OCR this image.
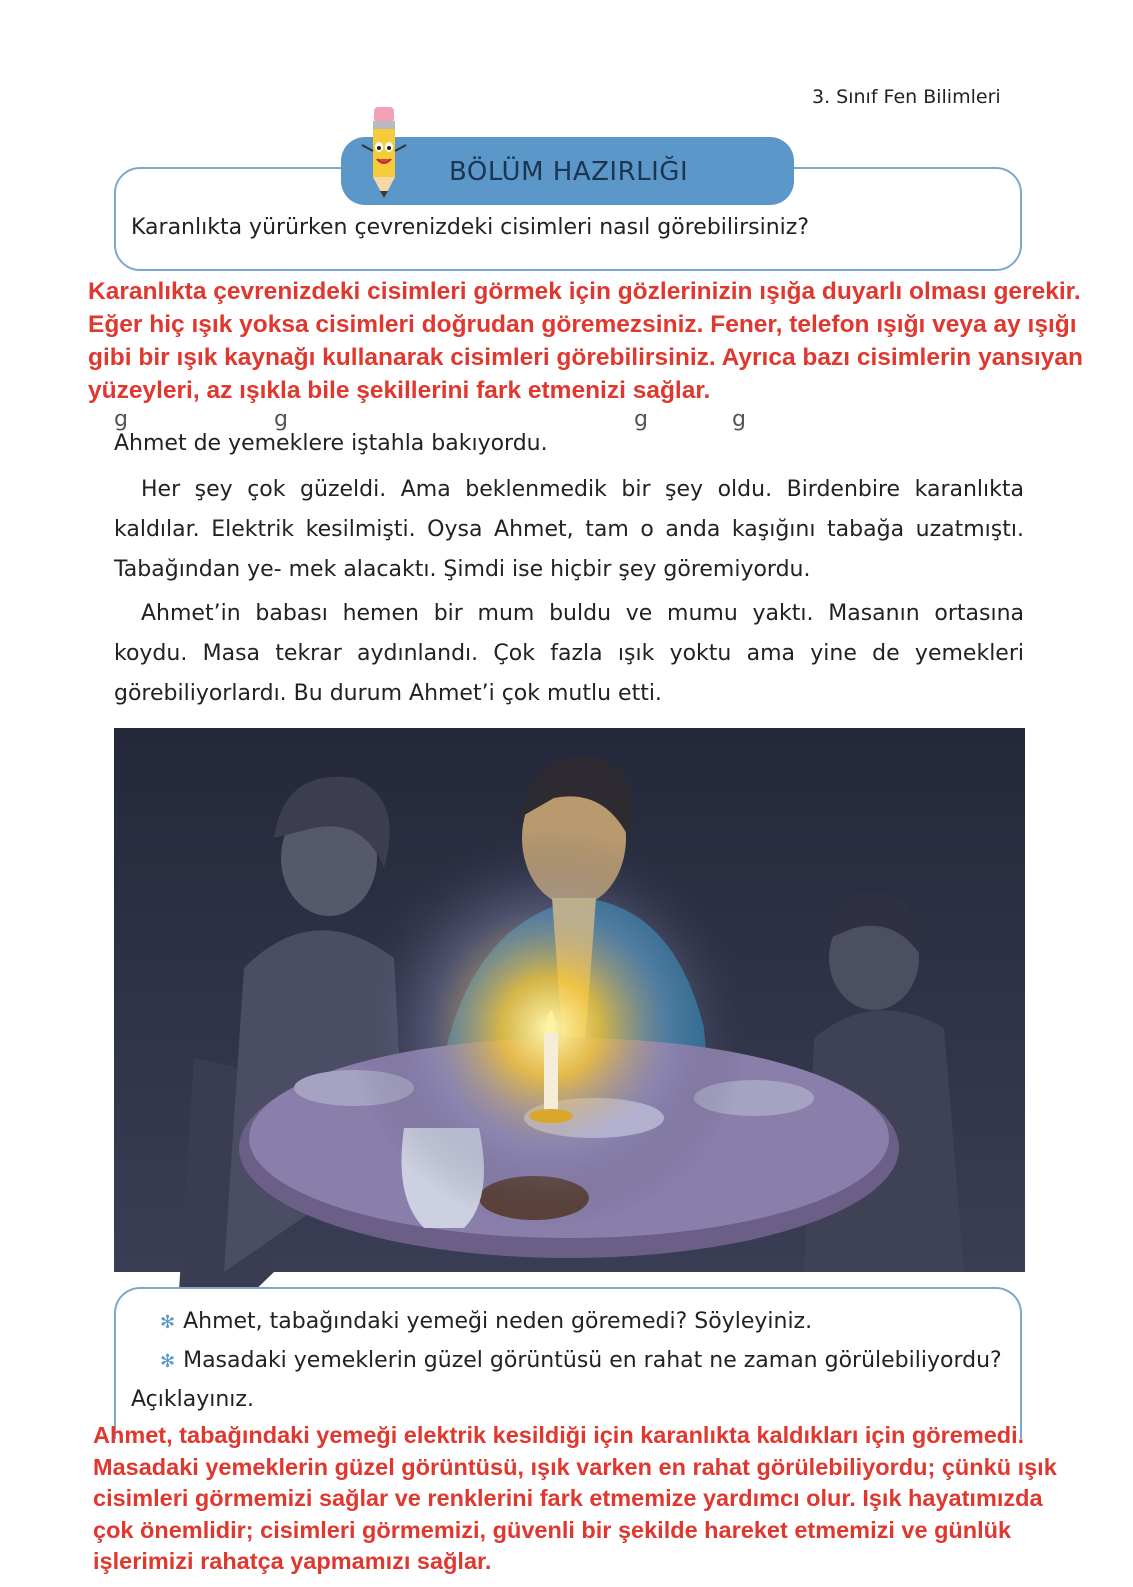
3. Sınıf Fen Bilimleri
BÖLÜM HAZIRLIĞI
Karanlıkta yürürken çevrenizdeki cisimleri nasıl görebilirsiniz?
Karanlıkta çevrenizdeki cisimleri görmek için gözlerinizin ışığa duyarlı olması gerekir. Eğer hiç ışık yoksa cisimleri doğrudan göremezsiniz. Fener, telefon ışığı veya ay ışığı gibi bir ışık kaynağı kullanarak cisimleri görebilirsiniz. Ayrıca bazı cisimlerin yansıyan yüzeyleri, az ışıkla bile şekillerini fark etmenizi sağlar.
g	g	g	g
Ahmet de yemeklere iştahla bakıyordu.
Her şey çok güzeldi. Ama beklenmedik bir şey oldu. Birdenbire karanlıkta kaldılar. Elektrik kesilmişti. Oysa Ahmet, tam o anda kaşığını tabağa uzatmıştı. Tabağından ye- mek alacaktı. Şimdi ise hiçbir şey göremiyordu.
Ahmet’in babası hemen bir mum buldu ve mumu yaktı. Masanın ortasına koydu. Masa tekrar aydınlandı. Çok fazla ışık yoktu ama yine de yemekleri görebiliyorlardı. Bu durum Ahmet’i çok mutlu etti.
✻ Ahmet, tabağındaki yemeği neden göremedi? Söyleyiniz.
✻ Masadaki yemeklerin güzel görüntüsü en rahat ne zaman görülebiliyordu?
Açıklayınız.
Ahmet, tabağındaki yemeği elektrik kesildiği için karanlıkta kaldıkları için göremedi. Masadaki yemeklerin güzel görüntüsü, ışık varken en rahat görülebiliyordu; çünkü ışık cisimleri görmemizi sağlar ve renklerini fark etmemize yardımcı olur. Işık hayatımızda çok önemlidir; cisimleri görmemizi, güvenli bir şekilde hareket etmemizi ve günlük işlerimizi rahatça yapmamızı sağlar.
